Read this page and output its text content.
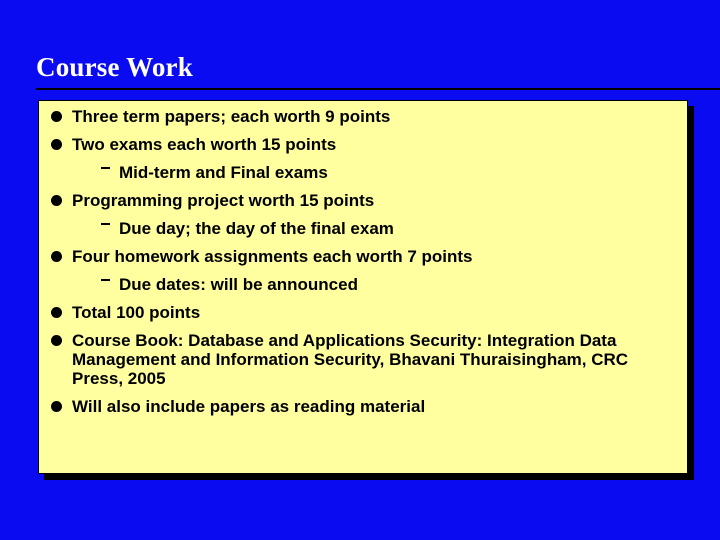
Course Work
Three term papers; each worth 9 points
Two exams each worth 15 points
Mid-term and Final exams
Programming project worth 15 points
Due day; the day of the final exam
Four homework assignments each worth 7 points
Due dates: will be announced
Total 100 points
Course Book: Database and Applications Security: Integration Data Management and Information Security, Bhavani Thuraisingham, CRC Press, 2005
Will also include papers as reading material
